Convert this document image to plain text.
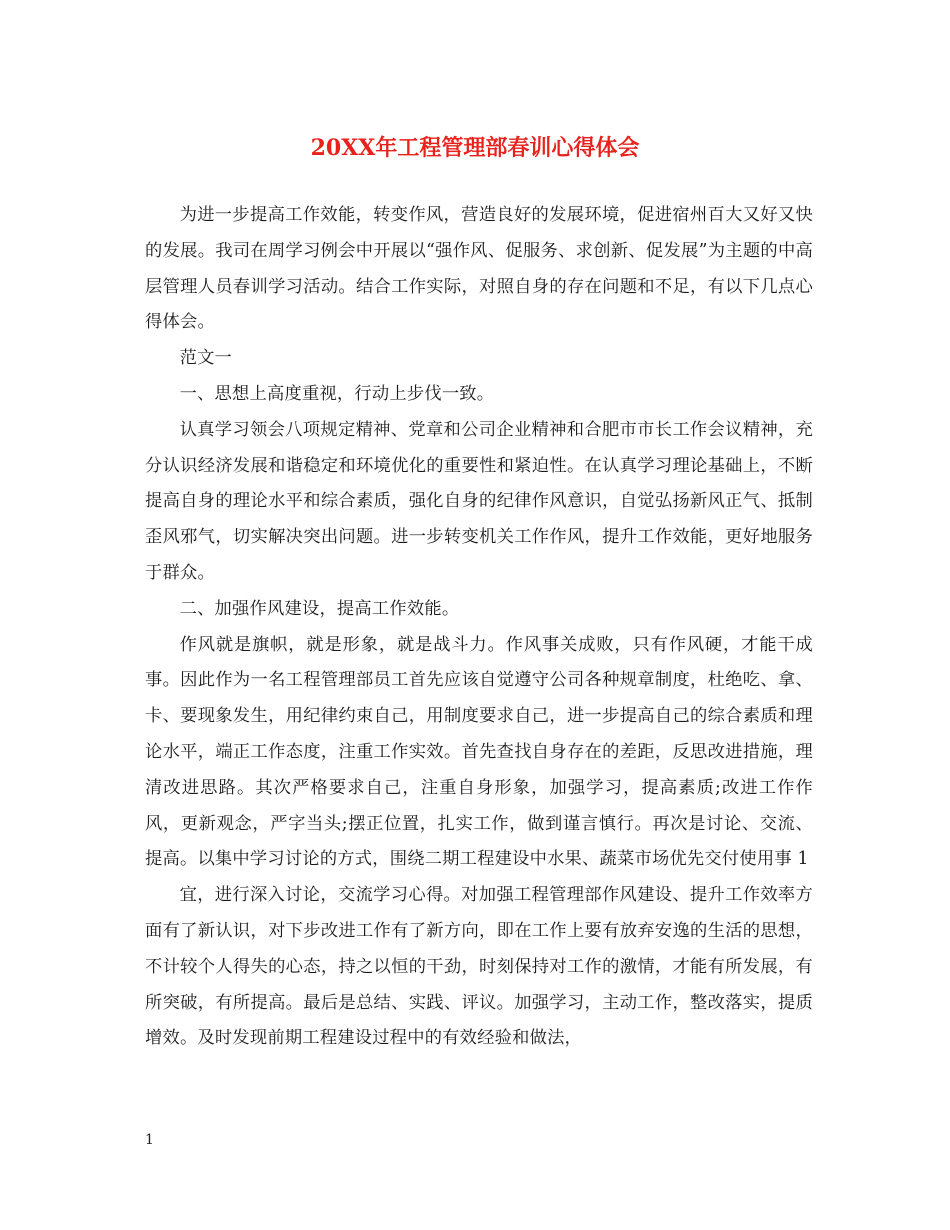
20XX年工程管理部春训心得体会

为进一步提高工作效能，转变作风，营造良好的发展环境，促进宿州百大又好又快的发展。我司在周学习例会中开展以“强作风、促服务、求创新、促发展”为主题的中高层管理人员春训学习活动。结合工作实际，对照自身的存在问题和不足，有以下几点心得体会。

范文一

一、思想上高度重视，行动上步伐一致。

认真学习领会八项规定精神、党章和公司企业精神和合肥市市长工作会议精神，充分认识经济发展和谐稳定和环境优化的重要性和紧迫性。在认真学习理论基础上，不断提高自身的理论水平和综合素质，强化自身的纪律作风意识，自觉弘扬新风正气、抵制歪风邪气，切实解决突出问题。进一步转变机关工作作风，提升工作效能，更好地服务于群众。

二、加强作风建设，提高工作效能。

作风就是旗帜，就是形象，就是战斗力。作风事关成败，只有作风硬，才能干成事。因此作为一名工程管理部员工首先应该自觉遵守公司各种规章制度，杜绝吃、拿、卡、要现象发生，用纪律约束自己，用制度要求自己，进一步提高自己的综合素质和理论水平，端正工作态度，注重工作实效。首先查找自身存在的差距，反思改进措施，理清改进思路。其次严格要求自己，注重自身形象，加强学习，提高素质;改进工作作风，更新观念，严字当头;摆正位置，扎实工作，做到谨言慎行。再次是讨论、交流、提高。以集中学习讨论的方式，围绕二期工程建设中水果、蔬菜市场优先交付使用事 1

宜，进行深入讨论，交流学习心得。对加强工程管理部作风建设、提升工作效率方面有了新认识，对下步改进工作有了新方向，即在工作上要有放弃安逸的生活的思想，不计较个人得失的心态，持之以恒的干劲，时刻保持对工作的激情，才能有所发展，有所突破，有所提高。最后是总结、实践、评议。加强学习，主动工作，整改落实，提质增效。及时发现前期工程建设过程中的有效经验和做法，

1
